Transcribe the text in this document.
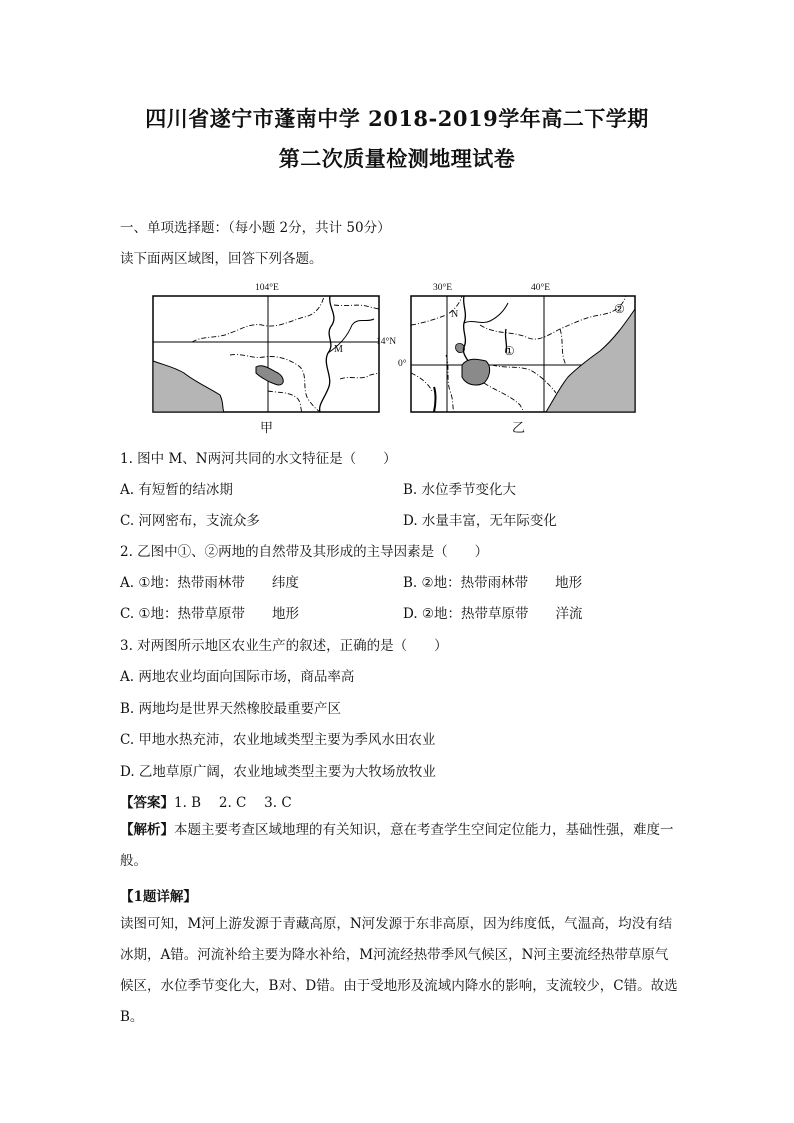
四川省遂宁市蓬南中学 2018-2019学年高二下学期
第二次质量检测地理试卷
一、单项选择题：（每小题 2分，共计 50分）
读下面两区域图，回答下列各题。
104°E
14°N
M
甲
30°E	40°E
0°
N
①
②
乙
1. 图中 M、N两河共同的水文特征是（　　）
A. 有短暂的结冰期	B. 水位季节变化大
C. 河网密布，支流众多	D. 水量丰富，无年际变化
2. 乙图中①、②两地的自然带及其形成的主导因素是（　　）
A. ①地：热带雨林带　　纬度	B. ②地：热带雨林带　　地形
C. ①地：热带草原带　　地形	D. ②地：热带草原带　　洋流
3. 对两图所示地区农业生产的叙述，正确的是（　　）
A. 两地农业均面向国际市场，商品率高
B. 两地均是世界天然橡胶最重要产区
C. 甲地水热充沛，农业地域类型主要为季风水田农业
D. 乙地草原广阔，农业地域类型主要为大牧场放牧业
【答案】1. B　 2. C　 3. C
【解析】本题主要考查区域地理的有关知识，意在考查学生空间定位能力，基础性强，难度一般。
【1题详解】
读图可知，M河上游发源于青藏高原，N河发源于东非高原，因为纬度低，气温高，均没有结冰期，A错。河流补给主要为降水补给，M河流经热带季风气候区，N河主要流经热带草原气候区，水位季节变化大，B对、D错。由于受地形及流域内降水的影响，支流较少，C错。故选B。
